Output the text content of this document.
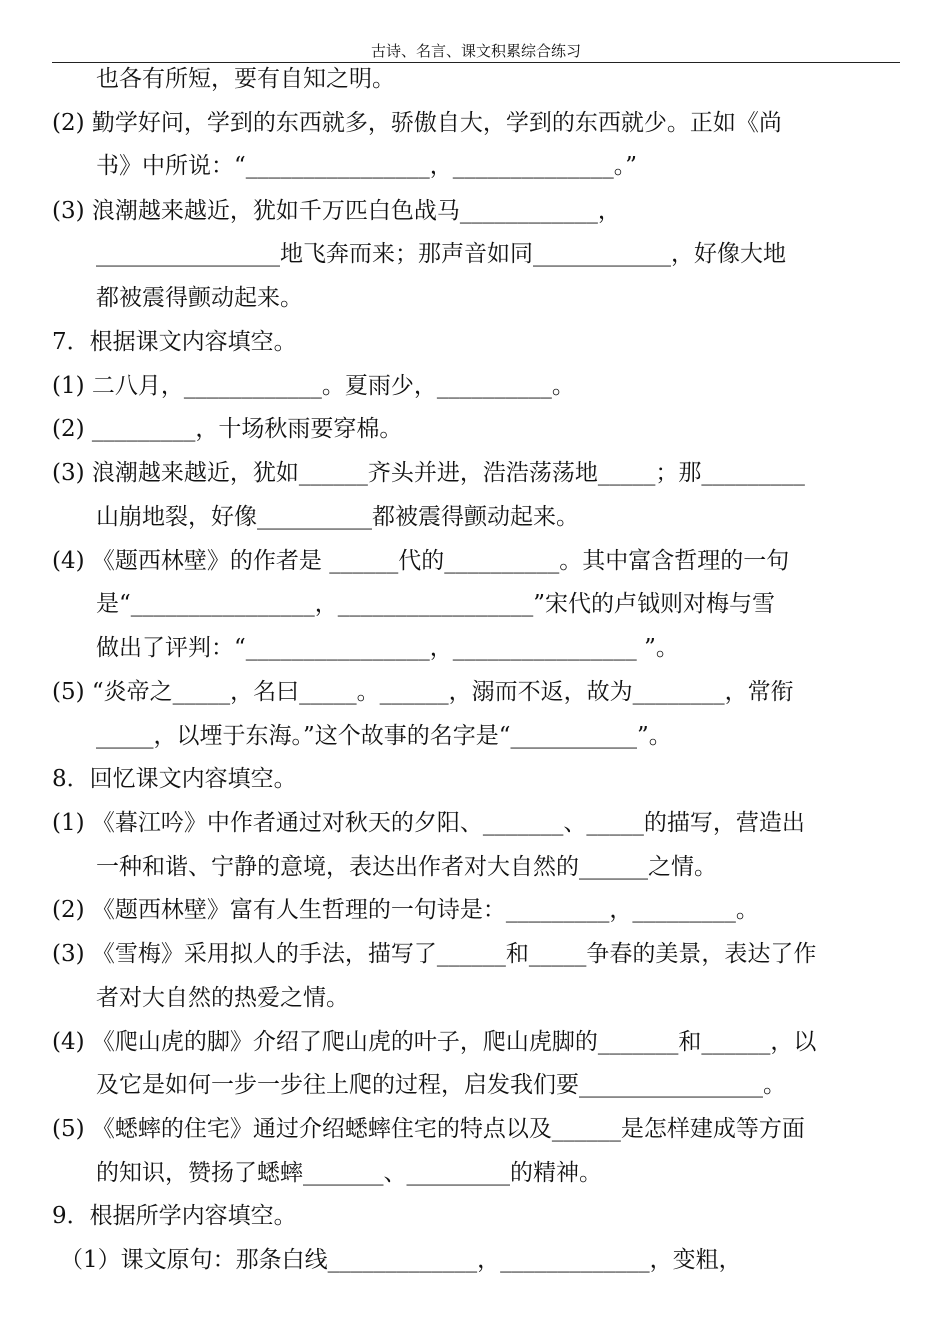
古诗、名言、课文积累综合练习
也各有所短，要有自知之明。
(2) 勤学好问，学到的东西就多，骄傲自大，学到的东西就少。正如《尚
书》中所说：“________________，______________。”
(3) 浪潮越来越近，犹如千万匹白色战马____________，
________________地飞奔而来；那声音如同____________，好像大地
都被震得颤动起来。
7．根据课文内容填空。
(1) 二八月，____________。夏雨少，__________。
(2) _________，十场秋雨要穿棉。
(3) 浪潮越来越近，犹如______齐头并进，浩浩荡荡地_____；那_________
山崩地裂，好像__________都被震得颤动起来。
(4) 《题西林壁》的作者是 ______代的__________。其中富含哲理的一句
是“________________，_________________”宋代的卢钺则对梅与雪
做出了评判：“________________，________________ ”。
(5) “炎帝之_____，名曰_____。______，溺而不返，故为________，常衔
_____，以堙于东海。”这个故事的名字是“___________”。
8．回忆课文内容填空。
(1) 《暮江吟》中作者通过对秋天的夕阳、_______、_____的描写，营造出
一种和谐、宁静的意境，表达出作者对大自然的______之情。
(2) 《题西林壁》富有人生哲理的一句诗是：_________，_________。
(3) 《雪梅》采用拟人的手法，描写了______和_____争春的美景，表达了作
者对大自然的热爱之情。
(4) 《爬山虎的脚》介绍了爬山虎的叶子，爬山虎脚的_______和______，以
及它是如何一步一步往上爬的过程，启发我们要________________。
(5) 《蟋蟀的住宅》通过介绍蟋蟀住宅的特点以及______是怎样建成等方面
的知识，赞扬了蟋蟀_______、_________的精神。
9．根据所学内容填空。
（1）课文原句：那条白线_____________，_____________，变粗，
